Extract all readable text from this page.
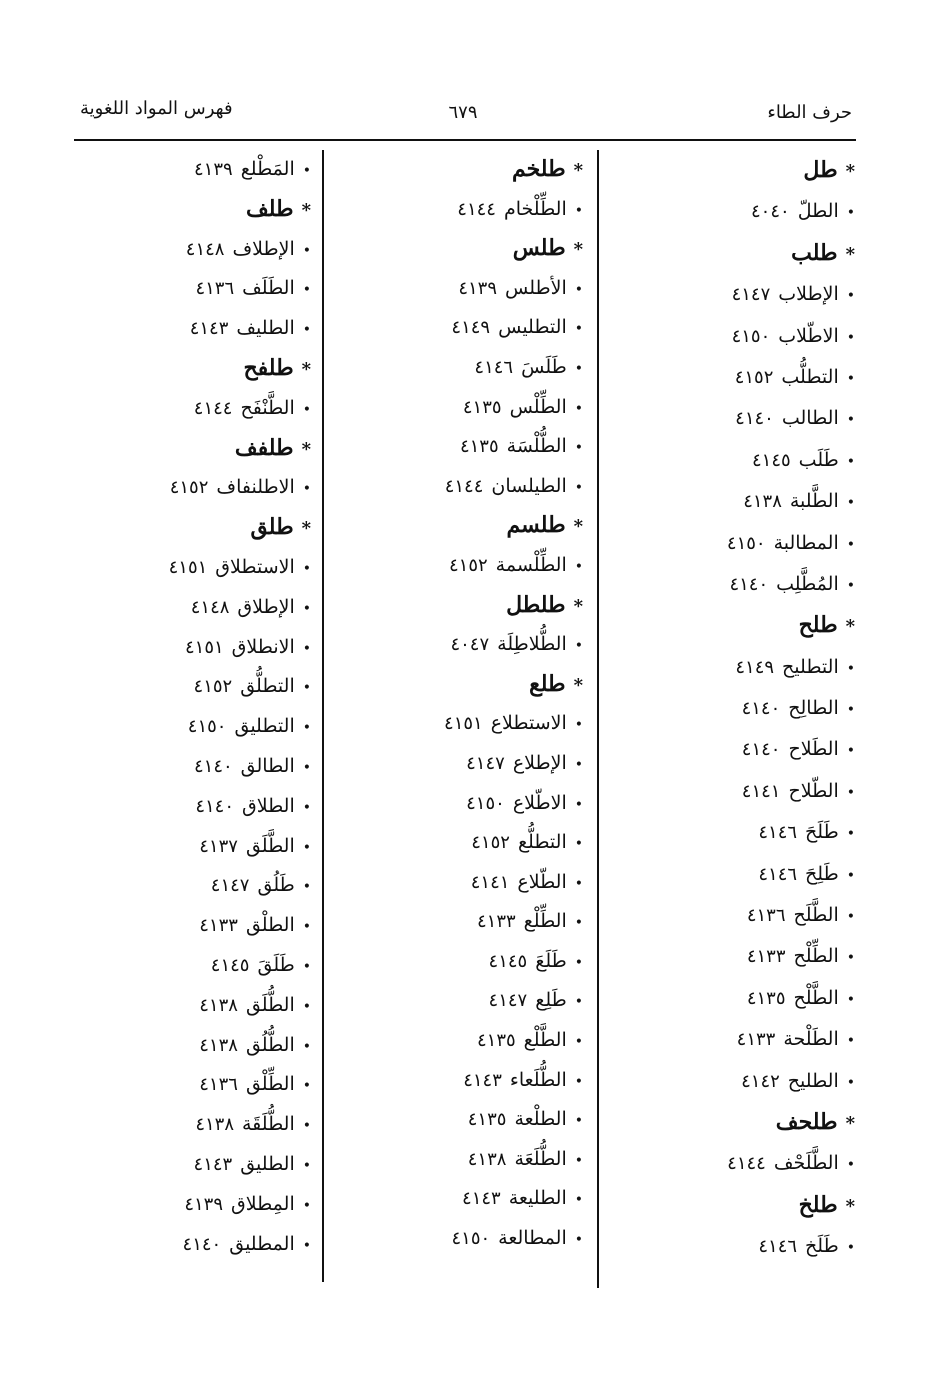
حرف الطاء
٦٧٩
فهرس المواد اللغوية
*
طل
•
الطلّ
٤٠٤٠
*
طلب
•
الإطلاب
٤١٤٧
•
الاطّلاب
٤١٥٠
•
التطلُّب
٤١٥٢
•
الطالب
٤١٤٠
•
طَلَب
٤١٤٥
•
الطَّلبة
٤١٣٨
•
المطالبة
٤١٥٠
•
المُطَّلِب
٤١٤٠
*
طلح
•
التطليح
٤١٤٩
•
الطالِح
٤١٤٠
•
الطَلاح
٤١٤٠
•
الطّلاح
٤١٤١
•
طَلَحَ
٤١٤٦
•
طَلِحَ
٤١٤٦
•
الطَّلَح
٤١٣٦
•
الطِّلْح
٤١٣٣
•
الطَّلْح
٤١٣٥
•
الطَلْحة
٤١٣٣
•
الطليح
٤١٤٢
*
طلحف
•
الطَّلَحْف
٤١٤٤
*
طلخ
•
طَلَخ
٤١٤٦
*
طلخم
•
الطِّلْخام
٤١٤٤
*
طلس
•
الأطلس
٤١٣٩
•
التطليس
٤١٤٩
•
طَلَسَ
٤١٤٦
•
الطِّلْس
٤١٣٥
•
الطُّلْسَة
٤١٣٥
•
الطيلسان
٤١٤٤
*
طلسم
•
الطِّلْسمة
٤١٥٢
*
طلطل
•
الطُّلاطِلَة
٤٠٤٧
*
طلع
•
الاستطلاع
٤١٥١
•
الإطلاع
٤١٤٧
•
الاطّلاع
٤١٥٠
•
التطلُّع
٤١٥٢
•
الطّلاع
٤١٤١
•
الطِّلْع
٤١٣٣
•
طَلَعَ
٤١٤٥
•
طَلِع
٤١٤٧
•
الطَّلْع
٤١٣٥
•
الطُّلَعاء
٤١٤٣
•
الطلْعة
٤١٣٥
•
الطُّلَعَة
٤١٣٨
•
الطليعة
٤١٤٣
•
المطالعة
٤١٥٠
•
المَطْلع
٤١٣٩
*
طلف
•
الإطلاف
٤١٤٨
•
الطَلَف
٤١٣٦
•
الطليف
٤١٤٣
*
طلفح
•
الطَّنْفَح
٤١٤٤
*
طلفف
•
الاطلنفاف
٤١٥٢
*
طلق
•
الاستطلاق
٤١٥١
•
الإطلاق
٤١٤٨
•
الانطلاق
٤١٥١
•
التطلُّق
٤١٥٢
•
التطليق
٤١٥٠
•
الطالق
٤١٤٠
•
الطلاق
٤١٤٠
•
الطَّلَق
٤١٣٧
•
طَلُق
٤١٤٧
•
الطلْق
٤١٣٣
•
طَلَقَ
٤١٤٥
•
الطُّلَق
٤١٣٨
•
الطُّلُق
٤١٣٨
•
الطِّلْق
٤١٣٦
•
الطُّلَقَة
٤١٣٨
•
الطليق
٤١٤٣
•
المِطلاق
٤١٣٩
•
المطليق
٤١٤٠
